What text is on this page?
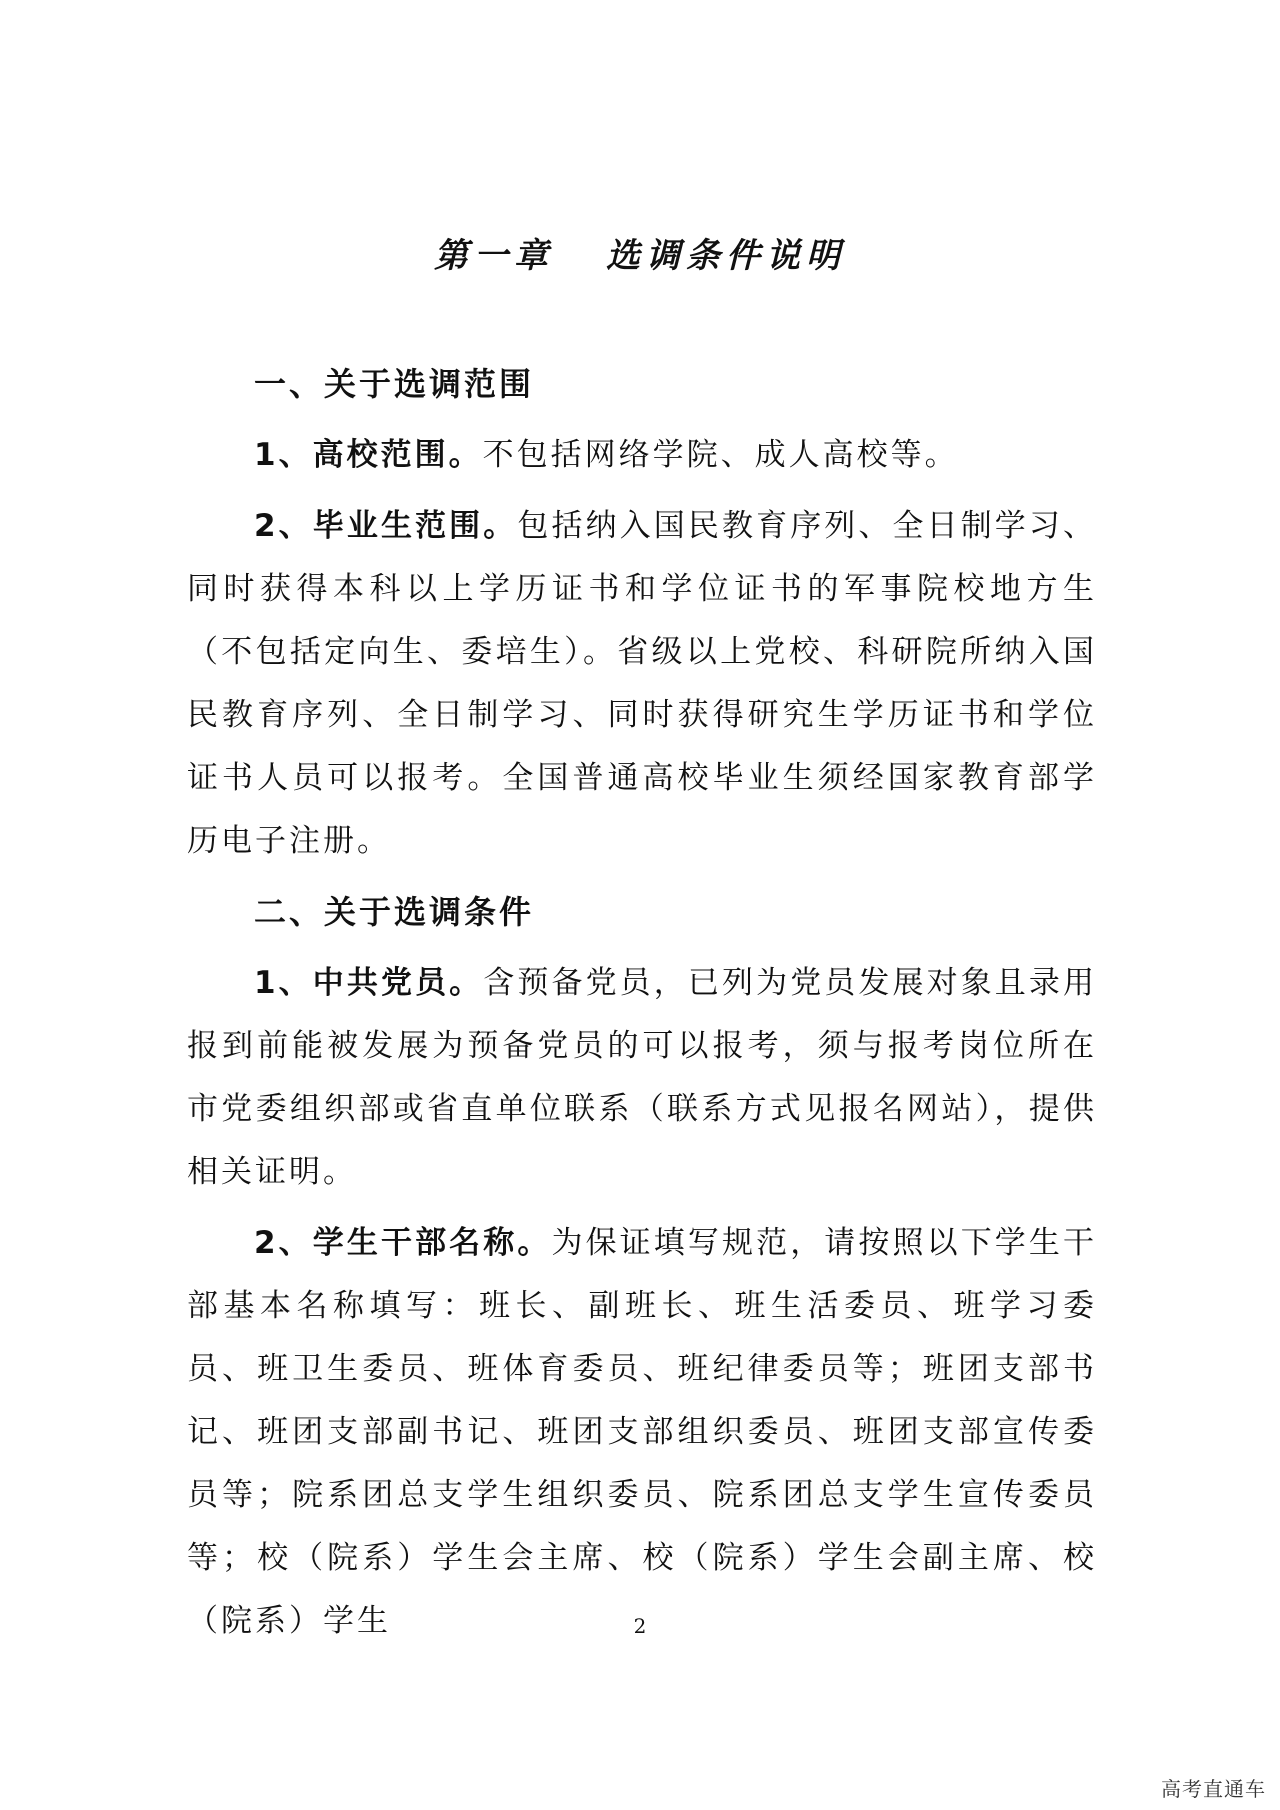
第一章 选调条件说明
一、关于选调范围

1、高校范围。不包括网络学院、成人高校等。

2、毕业生范围。包括纳入国民教育序列、全日制学习、同时获得本科以上学历证书和学位证书的军事院校地方生（不包括定向生、委培生）。省级以上党校、科研院所纳入国民教育序列、全日制学习、同时获得研究生学历证书和学位证书人员可以报考。全国普通高校毕业生须经国家教育部学历电子注册。

二、关于选调条件

1、中共党员。含预备党员，已列为党员发展对象且录用报到前能被发展为预备党员的可以报考，须与报考岗位所在市党委组织部或省直单位联系（联系方式见报名网站），提供相关证明。

2、学生干部名称。为保证填写规范，请按照以下学生干部基本名称填写：班长、副班长、班生活委员、班学习委员、班卫生委员、班体育委员、班纪律委员等；班团支部书记、班团支部副书记、班团支部组织委员、班团支部宣传委员等；院系团总支学生组织委员、院系团总支学生宣传委员等；校（院系）学生会主席、校（院系）学生会副主席、校（院系）学生	2
高考直通车
